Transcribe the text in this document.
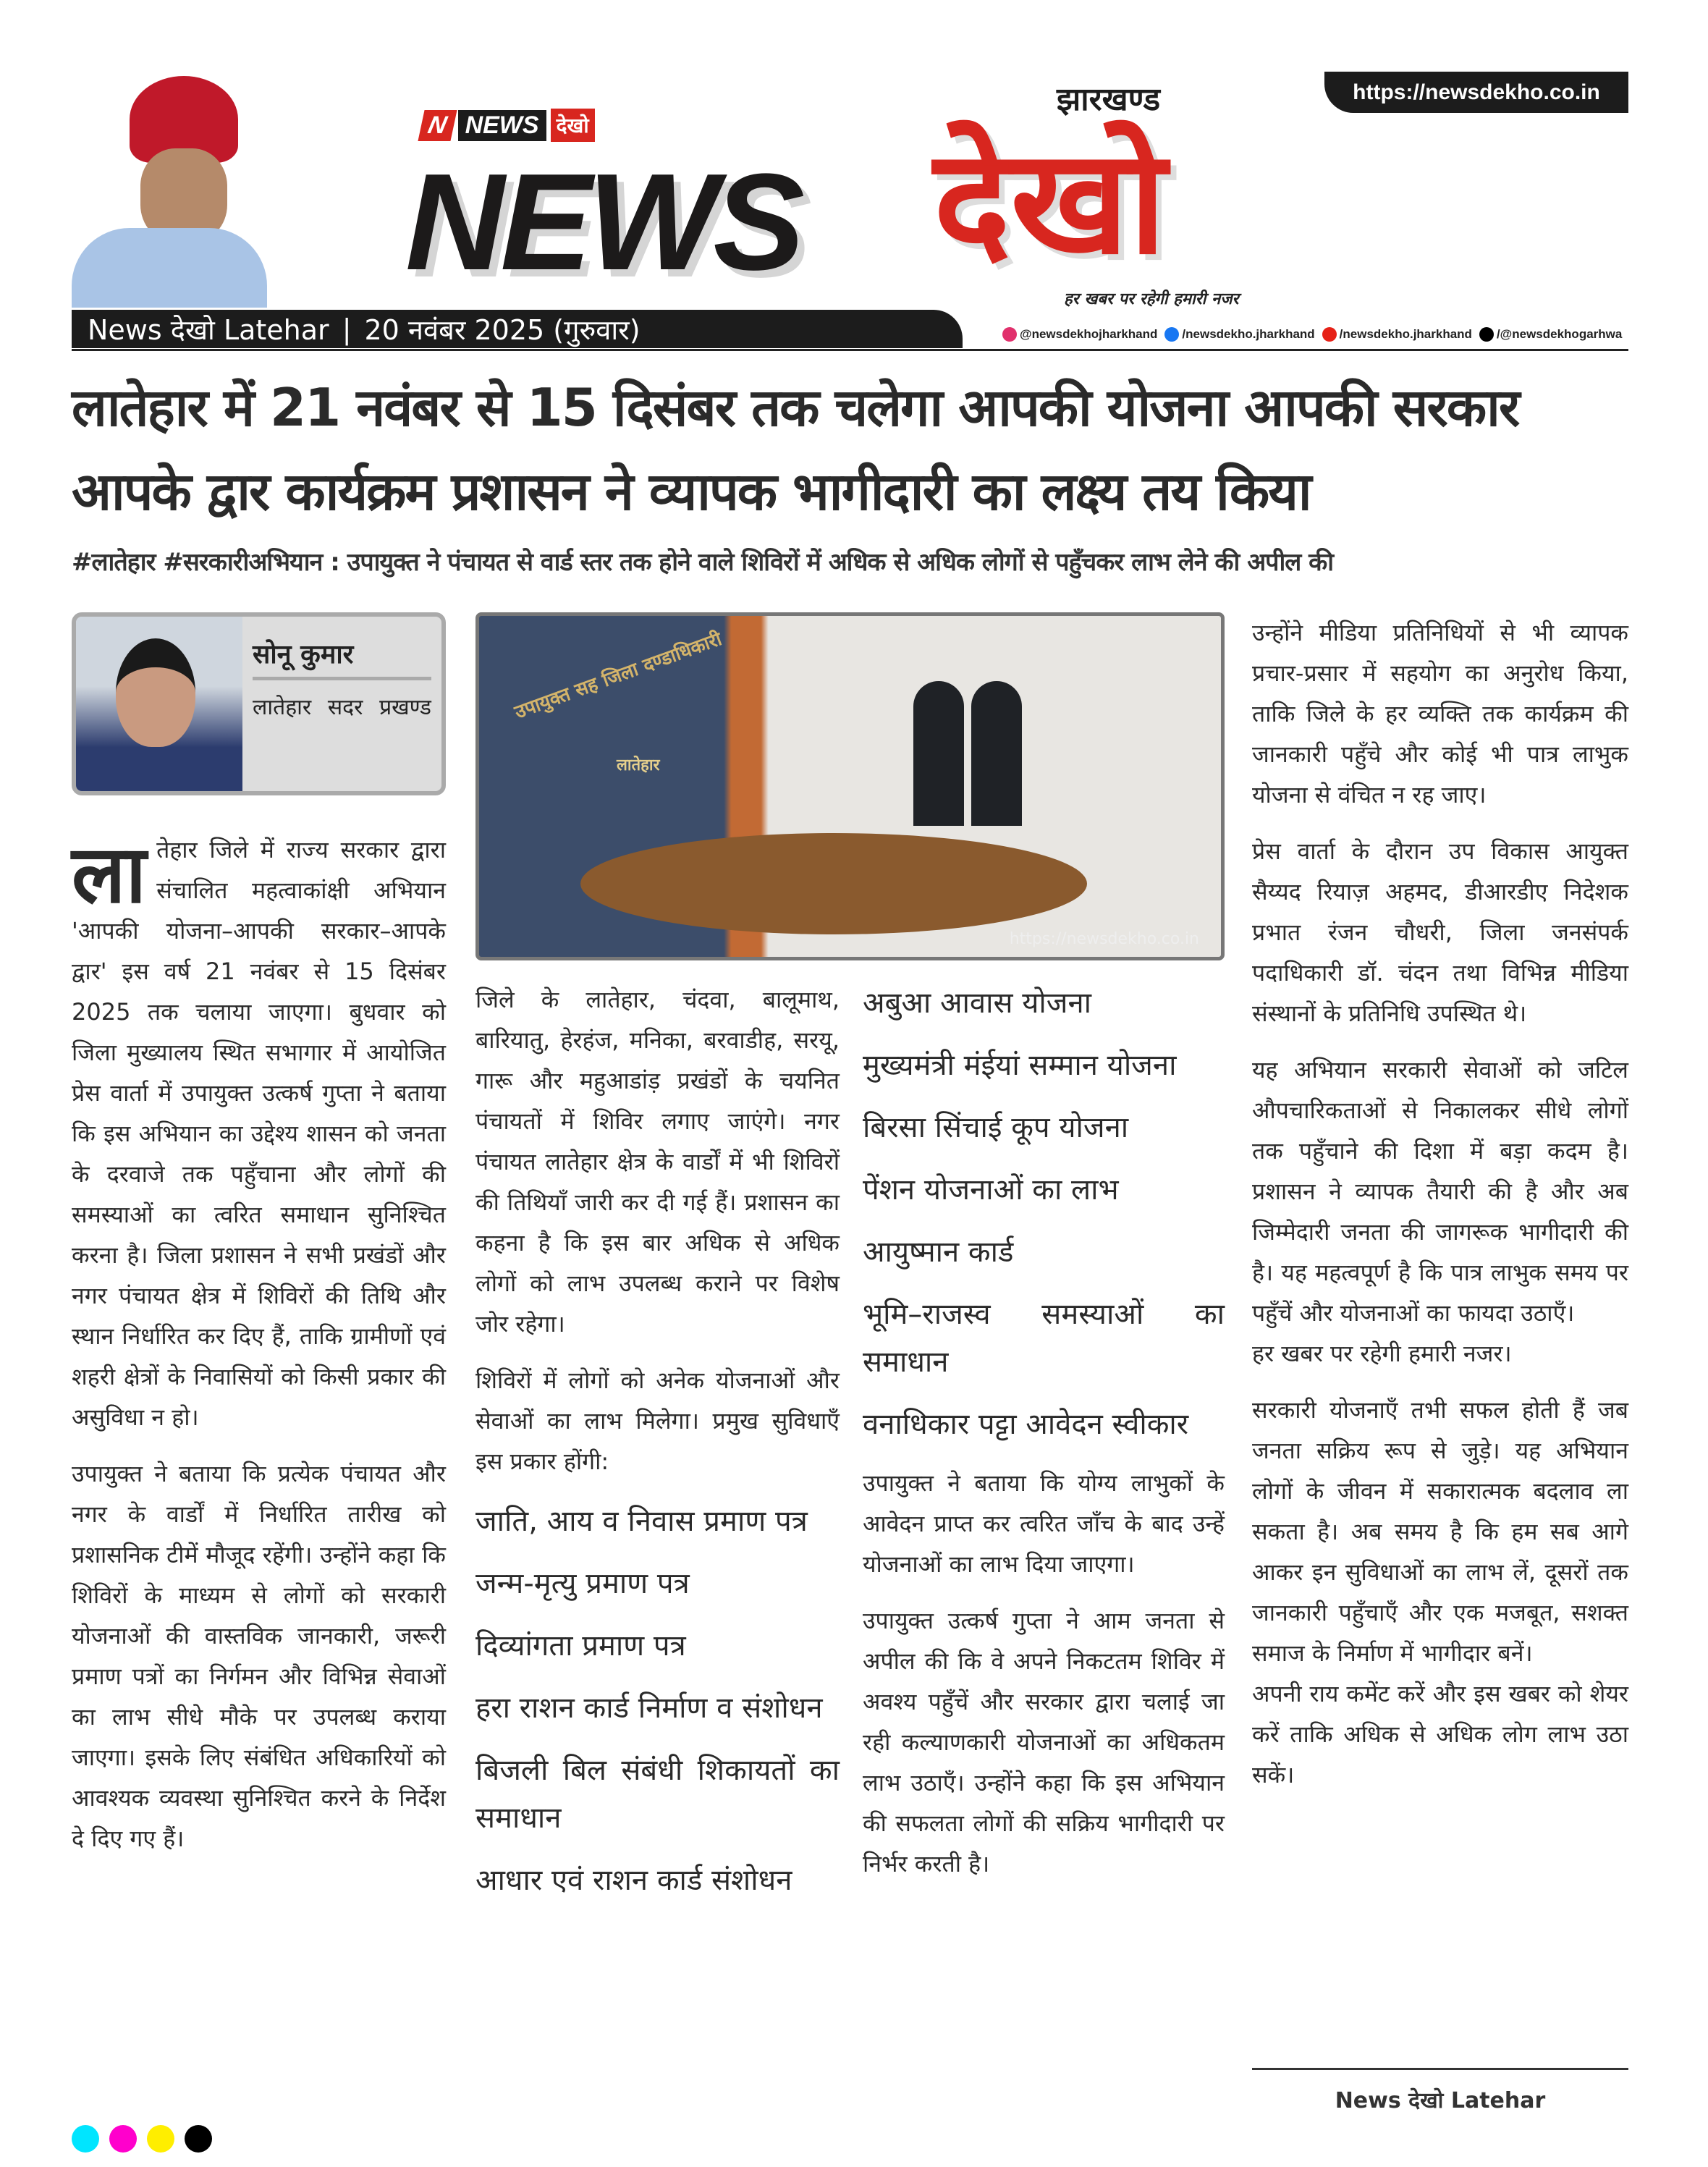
https://newsdekho.co.in
N NEWS देखो
NEWS देखो
झारखण्ड
हर खबर पर रहेगी हमारी नजर
News देखो Latehar | 20 नवंबर 2025 (गुरुवार)	@newsdekhojharkhand /newsdekho.jharkhand /newsdekho.jharkhand /@newsdekhogarhwa
लातेहार में 21 नवंबर से 15 दिसंबर तक चलेगा आपकी योजना आपकी सरकार आपके द्वार कार्यक्रम प्रशासन ने व्यापक भागीदारी का लक्ष्य तय किया
#लातेहार #सरकारीअभियान : उपायुक्त ने पंचायत से वार्ड स्तर तक होने वाले शिविरों में अधिक से अधिक लोगों से पहुँचकर लाभ लेने की अपील की
सोनू कुमार
लातेहार सदर प्रखण्ड	उपायुक्त सह जिला दण्डाधिकारी
लातेहार
https://newsdekho.co.in

लातेहार जिले में राज्य सरकार द्वारा संचालित महत्वाकांक्षी अभियान 'आपकी योजना–आपकी सरकार–आपके द्वार' इस वर्ष 21 नवंबर से 15 दिसंबर 2025 तक चलाया जाएगा। बुधवार को जिला मुख्यालय स्थित सभागार में आयोजित प्रेस वार्ता में उपायुक्त उत्कर्ष गुप्ता ने बताया कि इस अभियान का उद्देश्य शासन को जनता के दरवाजे तक पहुँचाना और लोगों की समस्याओं का त्वरित समाधान सुनिश्चित करना है। जिला प्रशासन ने सभी प्रखंडों और नगर पंचायत क्षेत्र में शिविरों की तिथि और स्थान निर्धारित कर दिए हैं, ताकि ग्रामीणों एवं शहरी क्षेत्रों के निवासियों को किसी प्रकार की असुविधा न हो।

उपायुक्त ने बताया कि प्रत्येक पंचायत और नगर के वार्डों में निर्धारित तारीख को प्रशासनिक टीमें मौजूद रहेंगी। उन्होंने कहा कि शिविरों के माध्यम से लोगों को सरकारी योजनाओं की वास्तविक जानकारी, जरूरी प्रमाण पत्रों का निर्गमन और विभिन्न सेवाओं का लाभ सीधे मौके पर उपलब्ध कराया जाएगा। इसके लिए संबंधित अधिकारियों को आवश्यक व्यवस्था सुनिश्चित करने के निर्देश दे दिए गए हैं।

जिले के लातेहार, चंदवा, बालूमाथ, बारियातु, हेरहंज, मनिका, बरवाडीह, सरयू, गारू और महुआडांड़ प्रखंडों के चयनित पंचायतों में शिविर लगाए जाएंगे। नगर पंचायत लातेहार क्षेत्र के वार्डों में भी शिविरों की तिथियाँ जारी कर दी गई हैं। प्रशासन का कहना है कि इस बार अधिक से अधिक लोगों को लाभ उपलब्ध कराने पर विशेष जोर रहेगा।

शिविरों में लोगों को अनेक योजनाओं और सेवाओं का लाभ मिलेगा। प्रमुख सुविधाएँ इस प्रकार होंगी:

जाति, आय व निवास प्रमाण पत्र
जन्म-मृत्यु प्रमाण पत्र
दिव्यांगता प्रमाण पत्र
हरा राशन कार्ड निर्माण व संशोधन
बिजली बिल संबंधी शिकायतों का समाधान
आधार एवं राशन कार्ड संशोधन
अबुआ आवास योजना
मुख्यमंत्री मंईयां सम्मान योजना
बिरसा सिंचाई कूप योजना
पेंशन योजनाओं का लाभ
आयुष्मान कार्ड
भूमि–राजस्व समस्याओं का समाधान
वनाधिकार पट्टा आवेदन स्वीकार

उपायुक्त ने बताया कि योग्य लाभुकों के आवेदन प्राप्त कर त्वरित जाँच के बाद उन्हें योजनाओं का लाभ दिया जाएगा।

उपायुक्त उत्कर्ष गुप्ता ने आम जनता से अपील की कि वे अपने निकटतम शिविर में अवश्य पहुँचें और सरकार द्वारा चलाई जा रही कल्याणकारी योजनाओं का अधिकतम लाभ उठाएँ। उन्होंने कहा कि इस अभियान की सफलता लोगों की सक्रिय भागीदारी पर निर्भर करती है।

उन्होंने मीडिया प्रतिनिधियों से भी व्यापक प्रचार-प्रसार में सहयोग का अनुरोध किया, ताकि जिले के हर व्यक्ति तक कार्यक्रम की जानकारी पहुँचे और कोई भी पात्र लाभुक योजना से वंचित न रह जाए।

प्रेस वार्ता के दौरान उप विकास आयुक्त सैय्यद रियाज़ अहमद, डीआरडीए निदेशक प्रभात रंजन चौधरी, जिला जनसंपर्क पदाधिकारी डॉ. चंदन तथा विभिन्न मीडिया संस्थानों के प्रतिनिधि उपस्थित थे।

यह अभियान सरकारी सेवाओं को जटिल औपचारिकताओं से निकालकर सीधे लोगों तक पहुँचाने की दिशा में बड़ा कदम है। प्रशासन ने व्यापक तैयारी की है और अब जिम्मेदारी जनता की जागरूक भागीदारी की है। यह महत्वपूर्ण है कि पात्र लाभुक समय पर पहुँचें और योजनाओं का फायदा उठाएँ।

हर खबर पर रहेगी हमारी नजर।

सरकारी योजनाएँ तभी सफल होती हैं जब जनता सक्रिय रूप से जुड़े। यह अभियान लोगों के जीवन में सकारात्मक बदलाव ला सकता है। अब समय है कि हम सब आगे आकर इन सुविधाओं का लाभ लें, दूसरों तक जानकारी पहुँचाएँ और एक मजबूत, सशक्त समाज के निर्माण में भागीदार बनें।

अपनी राय कमेंट करें और इस खबर को शेयर करें ताकि अधिक से अधिक लोग लाभ उठा सकें।

News देखो Latehar
